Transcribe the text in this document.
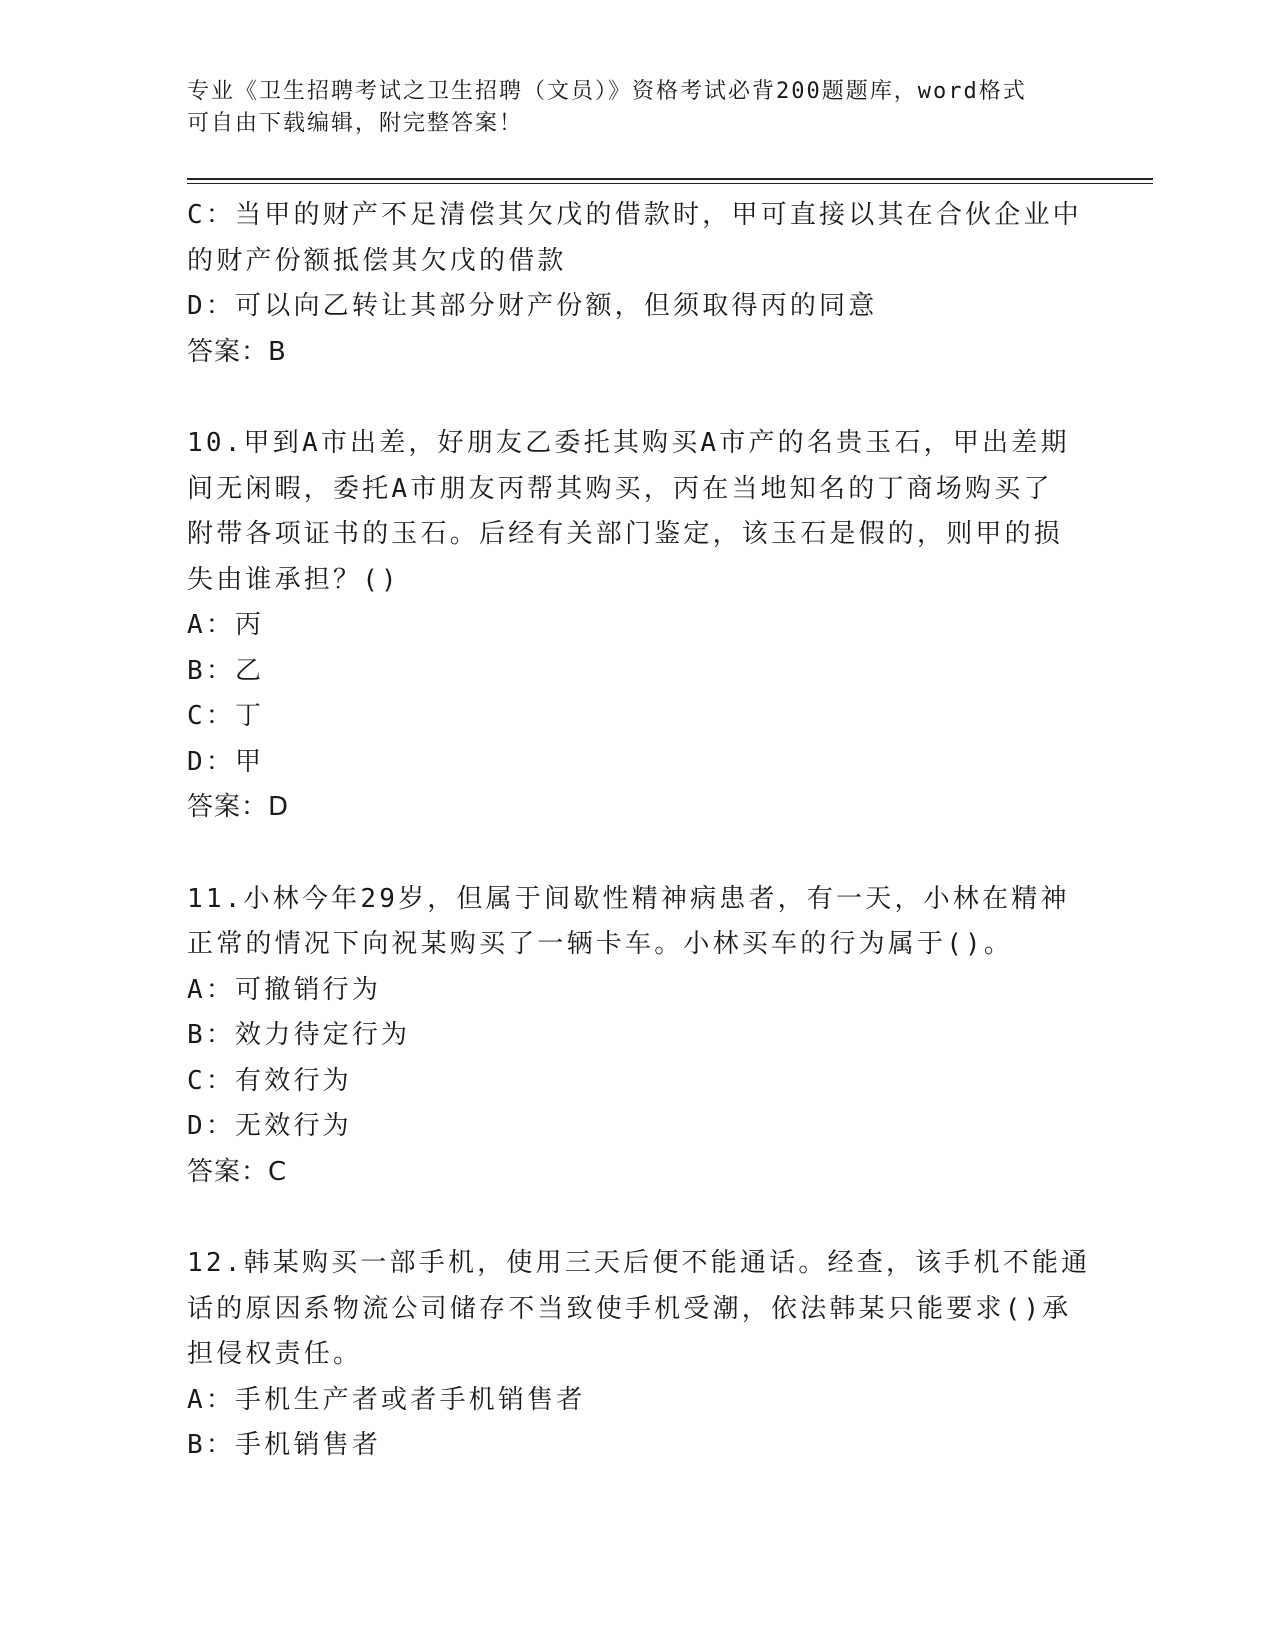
专业《卫生招聘考试之卫生招聘（文员）》资格考试必背200题题库，word格式
可自由下载编辑，附完整答案！
C：当甲的财产不足清偿其欠戊的借款时，甲可直接以其在合伙企业中
的财产份额抵偿其欠戊的借款
D：可以向乙转让其部分财产份额，但须取得丙的同意
答案：B
10.甲到A市出差，好朋友乙委托其购买A市产的名贵玉石，甲出差期
间无闲暇，委托A市朋友丙帮其购买，丙在当地知名的丁商场购买了
附带各项证书的玉石。后经有关部门鉴定，该玉石是假的，则甲的损
失由谁承担？()
A：丙
B：乙
C：丁
D：甲
答案：D
11.小林今年29岁，但属于间歇性精神病患者，有一天，小林在精神
正常的情况下向祝某购买了一辆卡车。小林买车的行为属于()。
A：可撤销行为
B：效力待定行为
C：有效行为
D：无效行为
答案：C
12.韩某购买一部手机，使用三天后便不能通话。经查，该手机不能通
话的原因系物流公司储存不当致使手机受潮，依法韩某只能要求()承
担侵权责任。
A：手机生产者或者手机销售者
B：手机销售者
